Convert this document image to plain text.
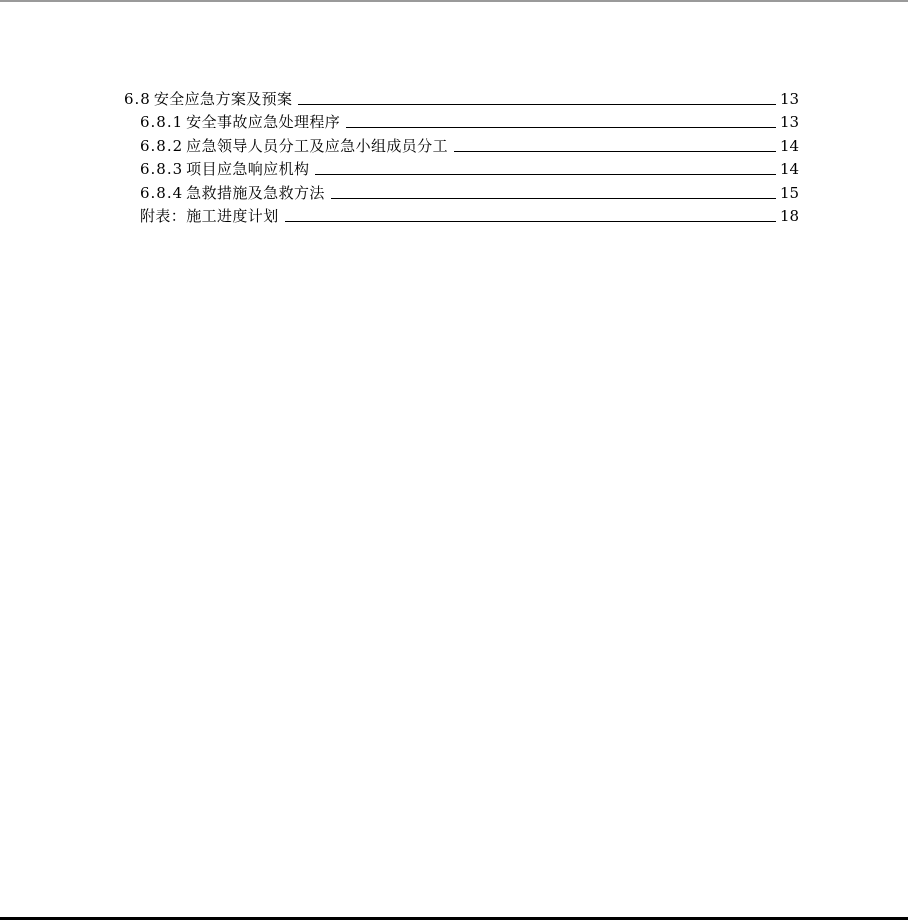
6.8 安全应急方案及预案	13
6.8.1 安全事故应急处理程序	13
6.8.2 应急领导人员分工及应急小组成员分工	14
6.8.3 项目应急响应机构	14
6.8.4 急救措施及急救方法	15
附表：施工进度计划	18
